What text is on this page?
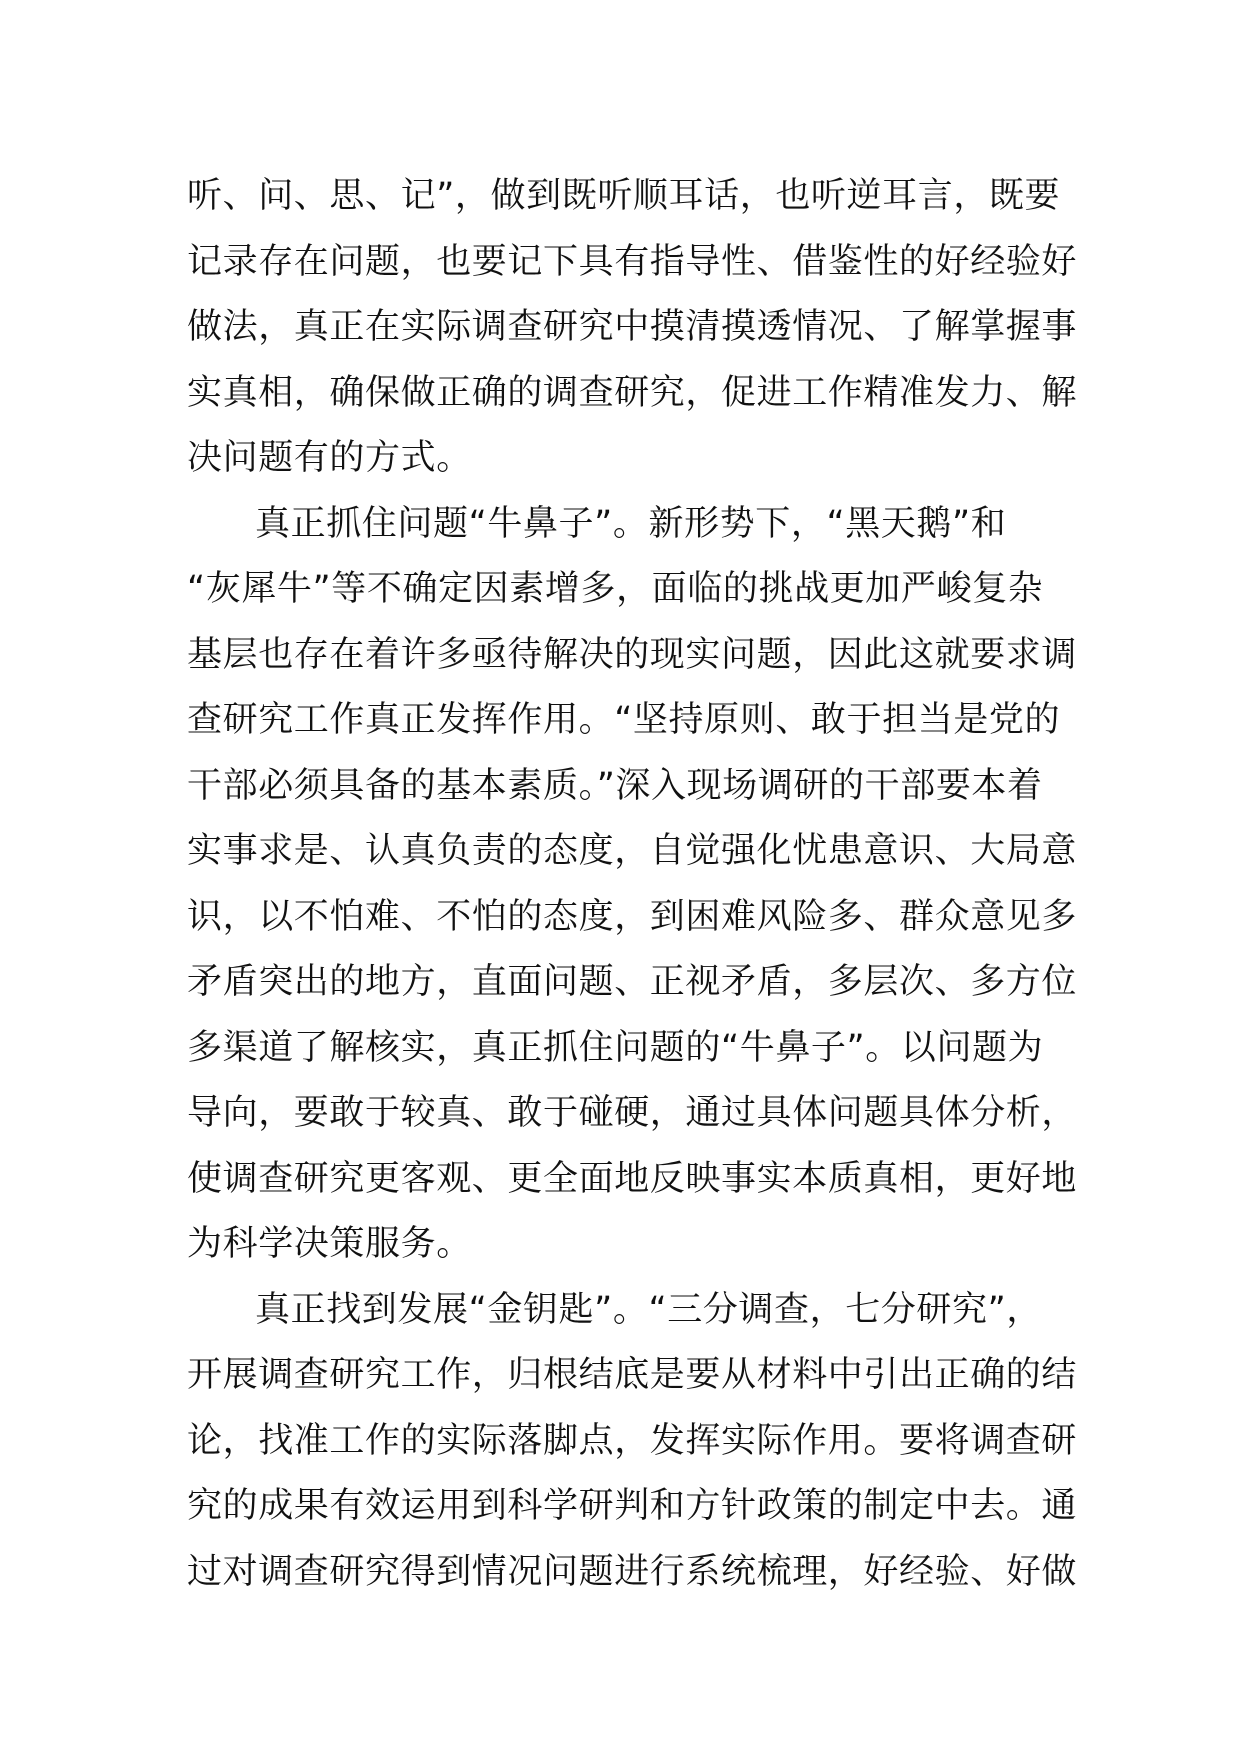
听、问、思、记”，做到既听顺耳话，也听逆耳言，既要
记录存在问题，也要记下具有指导性、借鉴性的好经验好
做法，真正在实际调查研究中摸清摸透情况、了解掌握事
实真相，确保做正确的调查研究，促进工作精准发力、解
决问题有的方式。
真正抓住问题“牛鼻子”。新形势下，“黑天鹅”和
“灰犀牛”等不确定因素增多，面临的挑战更加严峻复杂
基层也存在着许多亟待解决的现实问题，因此这就要求调
查研究工作真正发挥作用。“坚持原则、敢于担当是党的
干部必须具备的基本素质。”深入现场调研的干部要本着
实事求是、认真负责的态度，自觉强化忧患意识、大局意
识，以不怕难、不怕的态度，到困难风险多、群众意见多
矛盾突出的地方，直面问题、正视矛盾，多层次、多方位
多渠道了解核实，真正抓住问题的“牛鼻子”。以问题为
导向，要敢于较真、敢于碰硬，通过具体问题具体分析，
使调查研究更客观、更全面地反映事实本质真相，更好地
为科学决策服务。
真正找到发展“金钥匙”。“三分调查，七分研究”，
开展调查研究工作，归根结底是要从材料中引出正确的结
论，找准工作的实际落脚点，发挥实际作用。要将调查研
究的成果有效运用到科学研判和方针政策的制定中去。通
过对调查研究得到情况问题进行系统梳理，好经验、好做
